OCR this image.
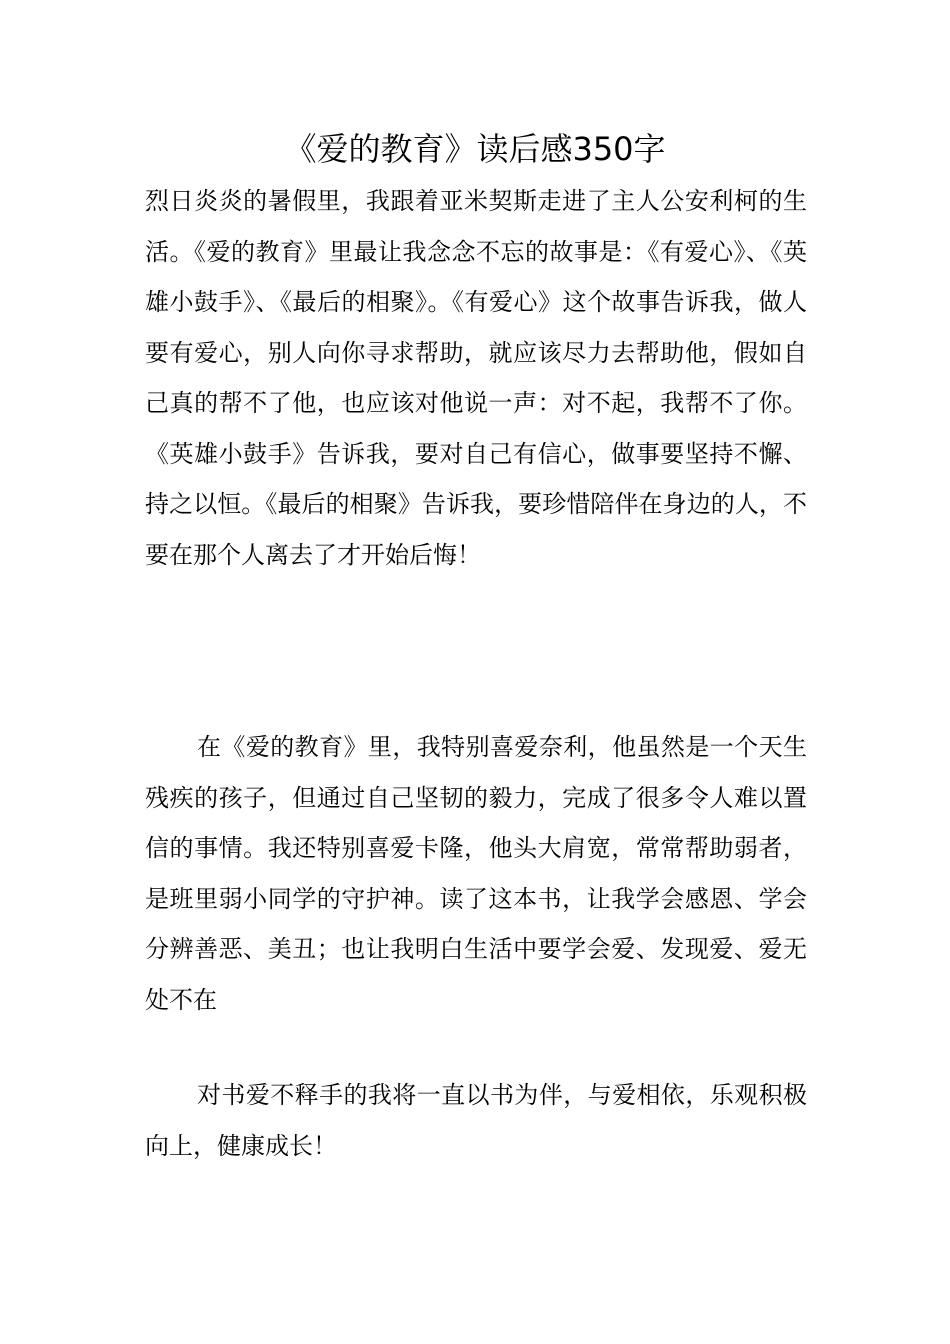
《爱的教育》读后感350字

烈日炎炎的暑假里，我跟着亚米契斯走进了主人公安利柯的生活。《爱的教育》里最让我念念不忘的故事是：《有爱心》、《英雄小鼓手》、《最后的相聚》。《有爱心》这个故事告诉我，做人要有爱心，别人向你寻求帮助，就应该尽力去帮助他，假如自己真的帮不了他，也应该对他说一声：对不起，我帮不了你。《英雄小鼓手》告诉我，要对自己有信心，做事要坚持不懈、持之以恒。《最后的相聚》告诉我，要珍惜陪伴在身边的人，不要在那个人离去了才开始后悔！

在《爱的教育》里，我特别喜爱奈利，他虽然是一个天生残疾的孩子，但通过自己坚韧的毅力，完成了很多令人难以置信的事情。我还特别喜爱卡隆，他头大肩宽，常常帮助弱者，是班里弱小同学的守护神。读了这本书，让我学会感恩、学会分辨善恶、美丑；也让我明白生活中要学会爱、发现爱、爱无处不在

对书爱不释手的我将一直以书为伴，与爱相依，乐观积极向上，健康成长！
